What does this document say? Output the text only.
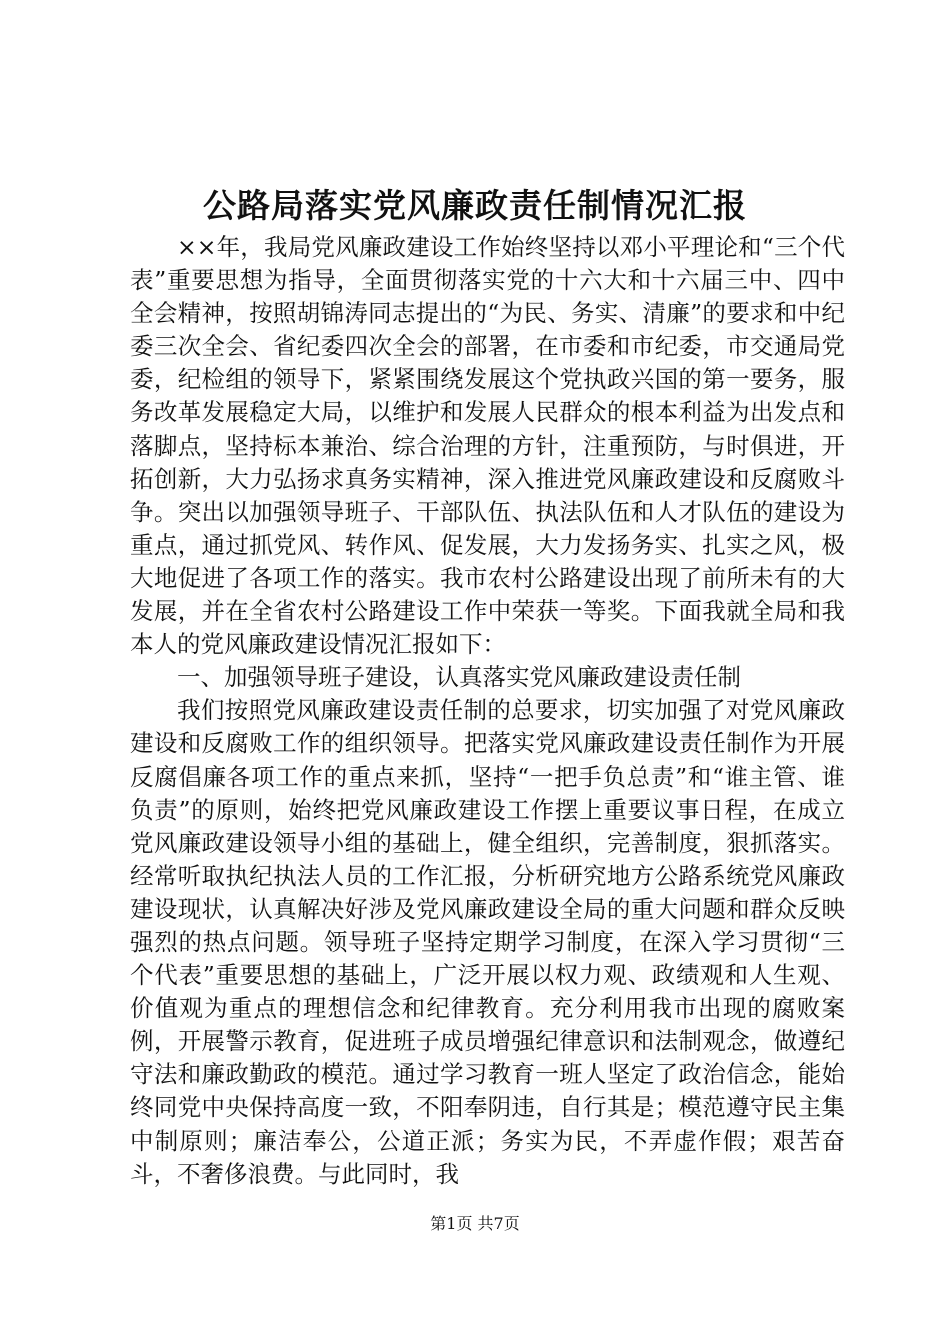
公路局落实党风廉政责任制情况汇报

××年，我局党风廉政建设工作始终坚持以邓小平理论和“三个代表”重要思想为指导，全面贯彻落实党的十六大和十六届三中、四中全会精神，按照胡锦涛同志提出的“为民、务实、清廉”的要求和中纪委三次全会、省纪委四次全会的部署，在市委和市纪委，市交通局党委，纪检组的领导下，紧紧围绕发展这个党执政兴国的第一要务，服务改革发展稳定大局，以维护和发展人民群众的根本利益为出发点和落脚点，坚持标本兼治、综合治理的方针，注重预防，与时俱进，开拓创新，大力弘扬求真务实精神，深入推进党风廉政建设和反腐败斗争。突出以加强领导班子、干部队伍、执法队伍和人才队伍的建设为重点，通过抓党风、转作风、促发展，大力发扬务实、扎实之风，极大地促进了各项工作的落实。我市农村公路建设出现了前所未有的大发展，并在全省农村公路建设工作中荣获一等奖。下面我就全局和我本人的党风廉政建设情况汇报如下：

一、加强领导班子建设，认真落实党风廉政建设责任制

我们按照党风廉政建设责任制的总要求，切实加强了对党风廉政建设和反腐败工作的组织领导。把落实党风廉政建设责任制作为开展反腐倡廉各项工作的重点来抓，坚持“一把手负总责”和“谁主管、谁负责”的原则，始终把党风廉政建设工作摆上重要议事日程，在成立党风廉政建设领导小组的基础上，健全组织，完善制度，狠抓落实。经常听取执纪执法人员的工作汇报，分析研究地方公路系统党风廉政建设现状，认真解决好涉及党风廉政建设全局的重大问题和群众反映强烈的热点问题。领导班子坚持定期学习制度，在深入学习贯彻“三个代表”重要思想的基础上，广泛开展以权力观、政绩观和人生观、价值观为重点的理想信念和纪律教育。充分利用我市出现的腐败案例，开展警示教育，促进班子成员增强纪律意识和法制观念，做遵纪守法和廉政勤政的模范。通过学习教育一班人坚定了政治信念，能始终同党中央保持高度一致，不阳奉阴违，自行其是；模范遵守民主集中制原则；廉洁奉公，公道正派；务实为民，不弄虚作假；艰苦奋斗，不奢侈浪费。与此同时，我

第1页 共7页
